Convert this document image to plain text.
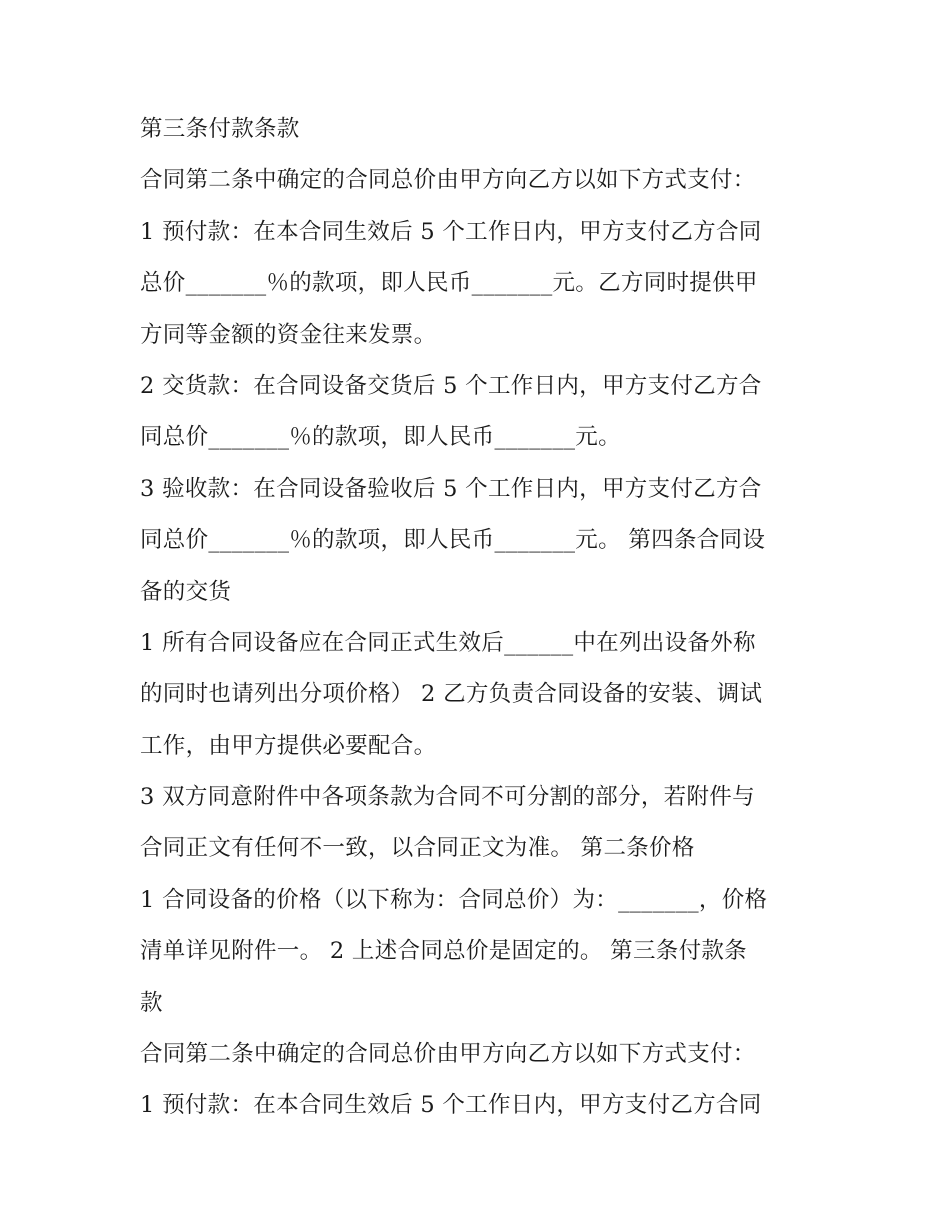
第三条付款条款
合同第二条中确定的合同总价由甲方向乙方以如下方式支付：
1 预付款：在本合同生效后 5 个工作日内，甲方支付乙方合同
总价_______％的款项，即人民币_______元。乙方同时提供甲
方同等金额的资金往来发票。
2 交货款：在合同设备交货后 5 个工作日内，甲方支付乙方合
同总价_______％的款项，即人民币_______元。
3 验收款：在合同设备验收后 5 个工作日内，甲方支付乙方合
同总价_______％的款项，即人民币_______元。 第四条合同设
备的交货
1 所有合同设备应在合同正式生效后______中在列出设备外称
的同时也请列出分项价格） 2 乙方负责合同设备的安装、调试
工作，由甲方提供必要配合。
3 双方同意附件中各项条款为合同不可分割的部分，若附件与
合同正文有任何不一致，以合同正文为准。 第二条价格
1 合同设备的价格（以下称为：合同总价）为：_______，价格
清单详见附件一。 2 上述合同总价是固定的。 第三条付款条
款
合同第二条中确定的合同总价由甲方向乙方以如下方式支付：
1 预付款：在本合同生效后 5 个工作日内，甲方支付乙方合同
